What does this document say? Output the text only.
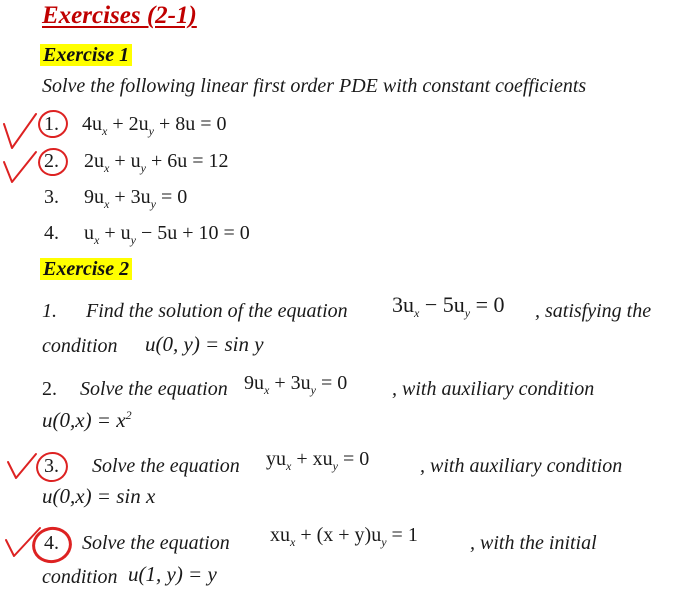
Exercises (2-1)
Exercise 1
Solve the following linear first order PDE with constant coefficients
1. $4u_x + 2u_y + 8u = 0$
2. $2u_x + u_y + 6u = 12$
3. $9u_x + 3u_y = 0$
4. $u_x + u_y - 5u + 10 = 0$
Exercise 2
1. Find the solution of the equation $3u_x - 5u_y = 0$ , satisfying the
condition u(0, y) = sin y
2. Solve the equation $9u_x + 3u_y = 0$ , with auxiliary condition
$u(0,x) = x^2$
3. Solve the equation $yu_x + xu_y = 0$	, with auxiliary condition
u(0,x) = sin x
4. Solve the equation $xu_x + (x + y)u_y = 1$	, with the initial
condition u(1, y) = y
